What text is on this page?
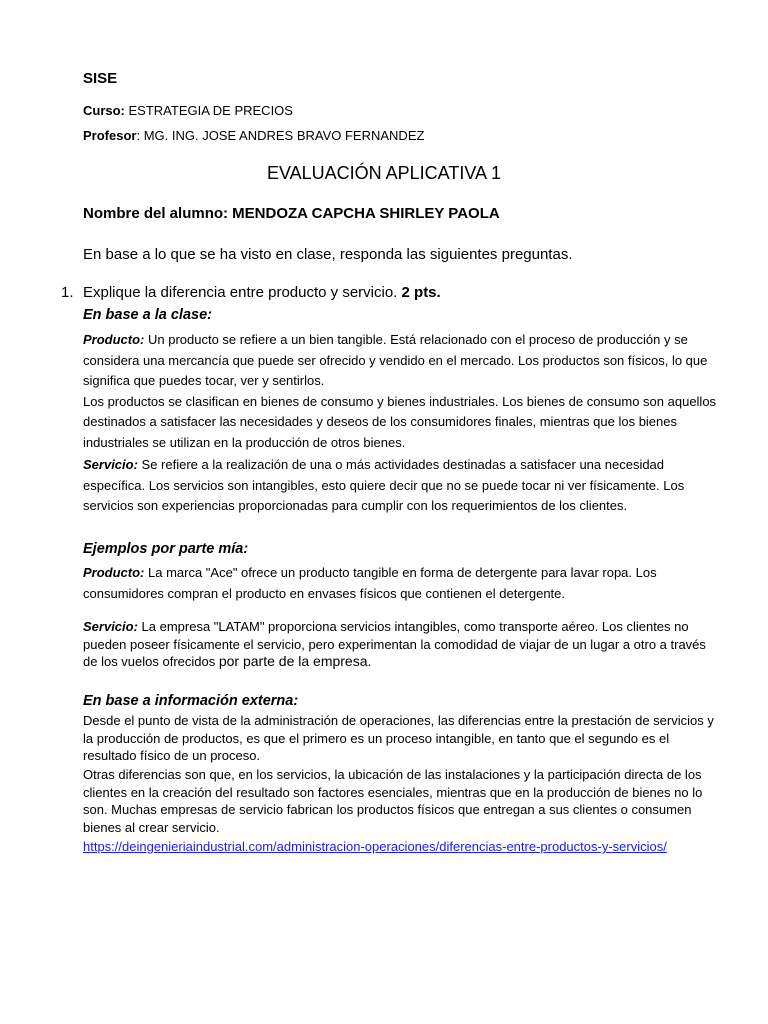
SISE
Curso: ESTRATEGIA DE PRECIOS
Profesor: MG. ING. JOSE ANDRES BRAVO FERNANDEZ
EVALUACIÓN APLICATIVA 1
Nombre del alumno: MENDOZA CAPCHA SHIRLEY PAOLA
En base a lo que se ha visto en clase, responda las siguientes preguntas.
1. Explique la diferencia entre producto y servicio. 2 pts.
En base a la clase:
Producto: Un producto se refiere a un bien tangible. Está relacionado con el proceso de producción y se considera una mercancía que puede ser ofrecido y vendido en el mercado. Los productos son físicos, lo que significa que puedes tocar, ver y sentirlos.
Los productos se clasifican en bienes de consumo y bienes industriales. Los bienes de consumo son aquellos destinados a satisfacer las necesidades y deseos de los consumidores finales, mientras que los bienes industriales se utilizan en la producción de otros bienes.
Servicio: Se refiere a la realización de una o más actividades destinadas a satisfacer una necesidad específica. Los servicios son intangibles, esto quiere decir que no se puede tocar ni ver físicamente. Los servicios son experiencias proporcionadas para cumplir con los requerimientos de los clientes.
Ejemplos por parte mía:
Producto: La marca "Ace" ofrece un producto tangible en forma de detergente para lavar ropa. Los consumidores compran el producto en envases físicos que contienen el detergente.
Servicio: La empresa "LATAM" proporciona servicios intangibles, como transporte aéreo. Los clientes no pueden poseer físicamente el servicio, pero experimentan la comodidad de viajar de un lugar a otro a través de los vuelos ofrecidos por parte de la empresa.
En base a información externa:
Desde el punto de vista de la administración de operaciones, las diferencias entre la prestación de servicios y la producción de productos, es que el primero es un proceso intangible, en tanto que el segundo es el resultado físico de un proceso.
Otras diferencias son que, en los servicios, la ubicación de las instalaciones y la participación directa de los clientes en la creación del resultado son factores esenciales, mientras que en la producción de bienes no lo son. Muchas empresas de servicio fabrican los productos físicos que entregan a sus clientes o consumen bienes al crear servicio.
https://deingenieriaindustrial.com/administracion-operaciones/diferencias-entre-productos-y-servicios/
